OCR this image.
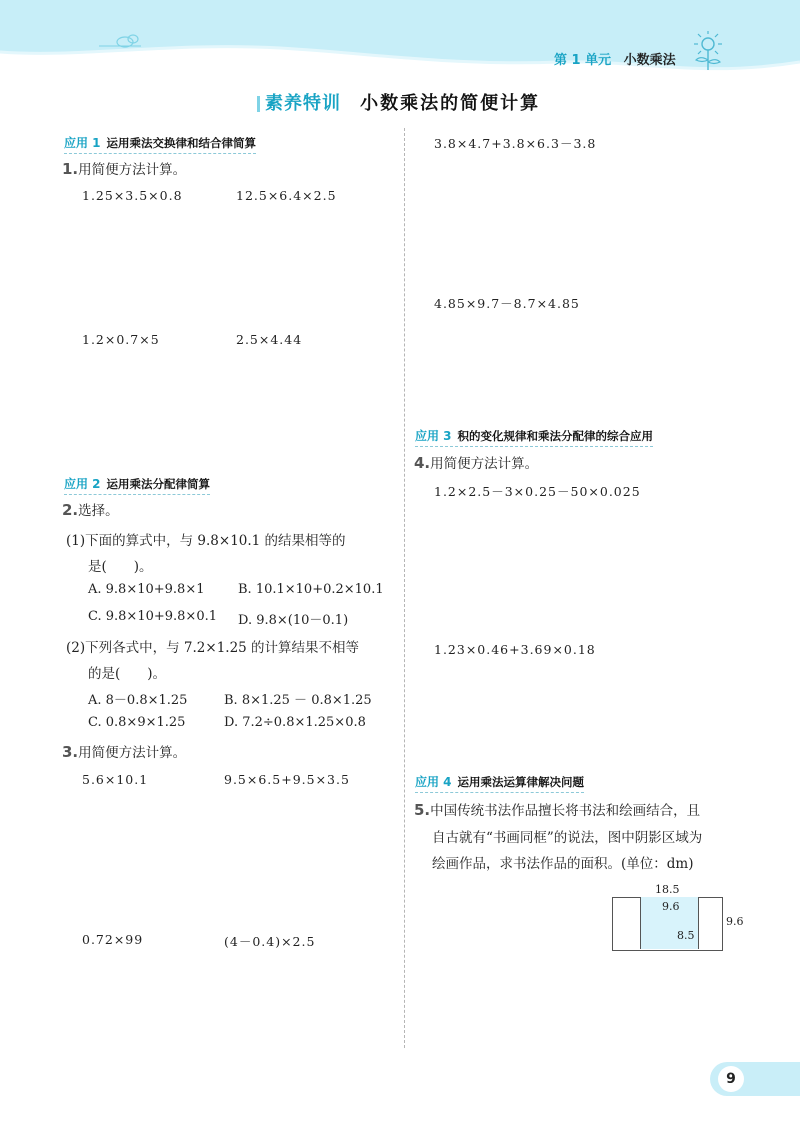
第 1 单元 小数乘法
素养特训 小数乘法的简便计算
应用 1 运用乘法交换律和结合律简算
1.用简便方法计算。
1.25×3.5×0.8	12.5×6.4×2.5
1.2×0.7×5	2.5×4.44
应用 2 运用乘法分配律简算
2.选择。
(1)下面的算式中，与 9.8×10.1 的结果相等的
是(　　)。
A. 9.8×10+9.8×1	B. 10.1×10+0.2×10.1
C. 9.8×10+9.8×0.1 D. 9.8×(10－0.1)
(2)下列各式中，与 7.2×1.25 的计算结果不相等
的是(　　)。
A. 8－0.8×1.25	B. 8×1.25 － 0.8×1.25
C. 0.8×9×1.25	D. 7.2÷0.8×1.25×0.8
3.用简便方法计算。
5.6×10.1	9.5×6.5+9.5×3.5
0.72×99	(4－0.4)×2.5
3.8×4.7+3.8×6.3－3.8
4.85×9.7－8.7×4.85
应用 3 积的变化规律和乘法分配律的综合应用
4.用简便方法计算。
1.2×2.5－3×0.25－50×0.025
1.23×0.46+3.69×0.18
应用 4 运用乘法运算律解决问题
5.中国传统书法作品擅长将书法和绘画结合，且
自古就有“书画同框”的说法，图中阴影区域为
绘画作品，求书法作品的面积。(单位：dm)
18.5
9.6
8.5
9.6
9
